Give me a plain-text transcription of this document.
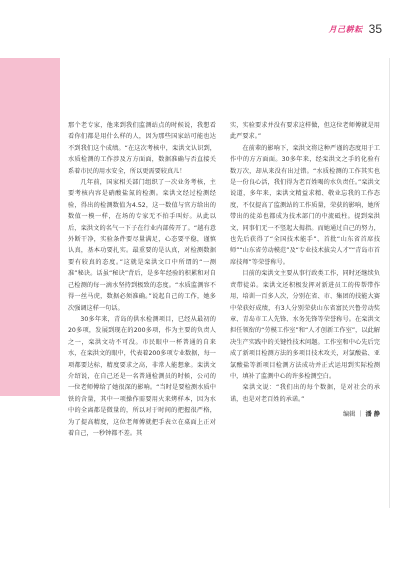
月己耕耘 35

那个老专家，他来到我们监测站点的时候说，我想看看你们都是用什么样的人，因为那些国家站可能也达不到我们这个成绩。“在这次考核中，栾洪文认识到，水质检测的工作涉及方方面面，数据准确与否直接关系着市民的用水安全，所以更需要较真儿！

几年前，国家相关部门组织了一次业务考核，主要考核内容是硝酸盐氮的检测。栾洪文经过检测经验，得出的检测数值为4.52，这一数值与官方给出的数值一模一样，在场的专家无不拍手叫好。从此以后，栾洪文的名气一下子在行业内部传开了。“越有意外断干净，实验条件要尽量满足，心态要平稳，谨慎认真，基本功要扎实。最重要的是认真，对检测数据要有较真的态度。”这就是栾洪文口中所谓的“一测准”秘诀。话虽“秘诀”背后，是多年经验的积累和对自己检测的每一滴水坚持到极致的态度。“水质监测容不得一丝马虎，数据必须准确。”说起自己的工作，她多次强调这样一句话。

30多年来，青岛的供水检测项目，已经从最初的20多项，发展到现在的200多项，作为主要的负责人之一，栾洪文功不可没。市民眼中一杯普通的自来水，在栾洪文的眼中，代表着200多项专业数据，每一项都要达标，精度要求之高，非常人能想象。栾洪文介绍说，在自己还是一名普通检测员的时候，公司的一位老师傅给了她很深的影响。“当时是要检测水质中铁的含量，其中一项操作需要用火来烤样本，因为水中的全离都是微量的，所以对于时间的把握很严格，为了提高精度，这位老师傅就把手表立在桌面上正对着自己，一秒钟都不差。其

实，实验要求并没有要求这样做，但这位老师傅就是用此严要求。”

在前辈的影响下，栾洪文将这种严谨的态度用于工作中的方方面面。30多年来，经栾洪文之手的化验有数万次，却从来没有出过错。“水质检测的工作其实也是一份良心活，我们得为老百姓喝的水负责任。”栾洪文说道，多年来，栾洪文精益求精、敬业忘我的工作态度，不仅提高了监测站的工作质量，荣获的影响，她所带出的徒弟也都成为技术部门的中流砥柱。提到栾洪文，同事们无一不竖起大拇指。而她通过自己的努力，也先后获得了“全国技术能手”、首批“山东省首席技师”“山东省劳动模范”及“专业技术拔尖人才”“青岛市首席技师”等荣誉称号。

目前的栾洪文主要从事行政类工作，同时还继续负责带徒弟。栾洪文还积极发挥对新进员工的传帮带作用，培训一百多人次，分别在省、市、集团的技能大赛中荣获好成绩，有3人分别荣获山东省富民兴鲁劳动奖章、青岛市工人先锋、水务先锋等荣誉称号。在栾洪文担任领衔的“劳模工作室”和“人才创新工作室”，以此解决生产实践中的关键性技术问题。工作室和中心先后完成了新项目检测方法的多项目技术攻关，对氯酸盐、亚氯酸盐等新项目检测方法成功并正式运用到实际检测中，填补了监测中心的许多检测空白。

栾洪文说：“我们出的每个数据，是对社会的承诺，也是对老百姓的承诺。”

编辑 ｜ 潘 静
